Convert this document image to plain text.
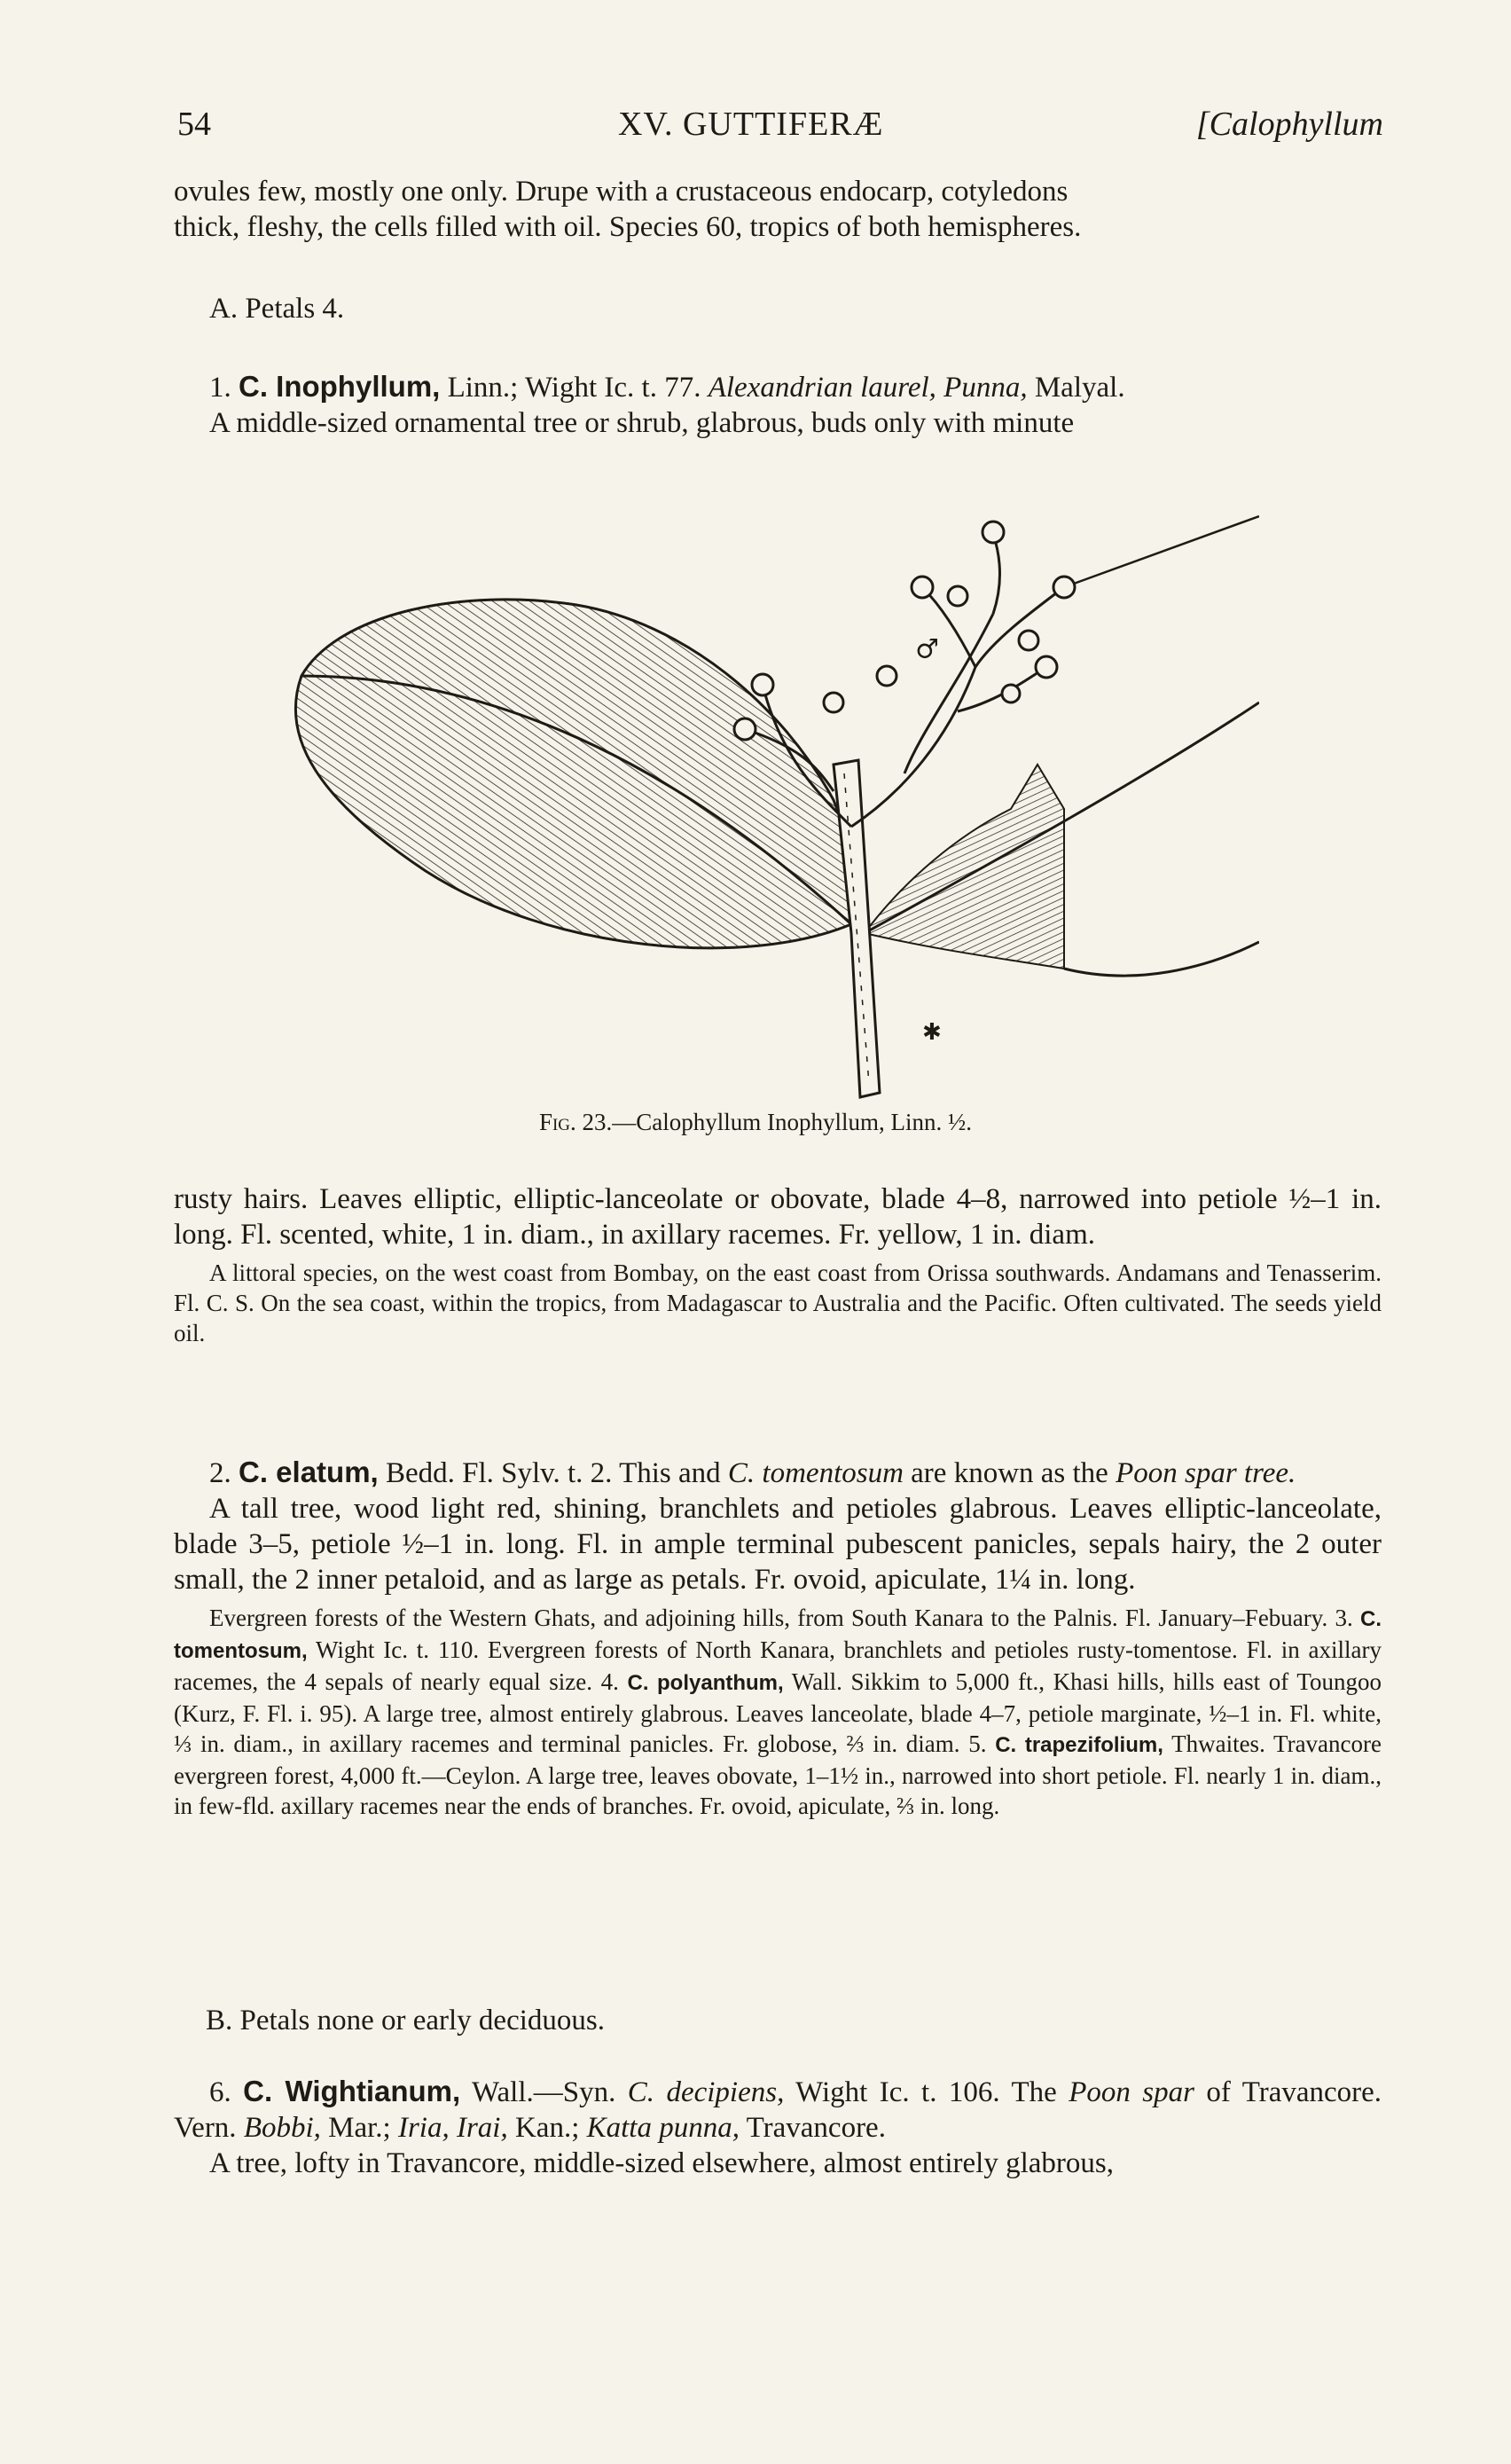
54	XV. GUTTIFERÆ	[Calophyllum

ovules few, mostly one only. Drupe with a crustaceous endocarp, cotyledons

thick, fleshy, the cells filled with oil. Species 60, tropics of both hemispheres.

A. Petals 4.

1. C. Inophyllum, Linn.; Wight Ic. t. 77. Alexandrian laurel, Punna, Malyal.

A middle-sized ornamental tree or shrub, glabrous, buds only with minute

♂
✱
Fig. 23.—Calophyllum Inophyllum, Linn. ½.

rusty hairs. Leaves elliptic, elliptic-lanceolate or obovate, blade 4–8, narrowed into petiole ½–1 in. long. Fl. scented, white, 1 in. diam., in axillary racemes. Fr. yellow, 1 in. diam.

A littoral species, on the west coast from Bombay, on the east coast from Orissa southwards. Andamans and Tenasserim. Fl. C. S. On the sea coast, within the tropics, from Madagascar to Australia and the Pacific. Often cultivated. The seeds yield oil.

2. C. elatum, Bedd. Fl. Sylv. t. 2. This and C. tomentosum are known as the Poon spar tree.

A tall tree, wood light red, shining, branchlets and petioles glabrous. Leaves elliptic-lanceolate, blade 3–5, petiole ½–1 in. long. Fl. in ample terminal pubescent panicles, sepals hairy, the 2 outer small, the 2 inner petaloid, and as large as petals. Fr. ovoid, apiculate, 1¼ in. long.

Evergreen forests of the Western Ghats, and adjoining hills, from South Kanara to the Palnis. Fl. January–Febuary. 3. C. tomentosum, Wight Ic. t. 110. Evergreen forests of North Kanara, branchlets and petioles rusty-tomentose. Fl. in axillary racemes, the 4 sepals of nearly equal size. 4. C. polyanthum, Wall. Sikkim to 5,000 ft., Khasi hills, hills east of Toungoo (Kurz, F. Fl. i. 95). A large tree, almost entirely glabrous. Leaves lanceolate, blade 4–7, petiole marginate, ½–1 in. Fl. white, ⅓ in. diam., in axillary racemes and terminal panicles. Fr. globose, ⅔ in. diam. 5. C. trapezifolium, Thwaites. Travancore evergreen forest, 4,000 ft.—Ceylon. A large tree, leaves obovate, 1–1½ in., narrowed into short petiole. Fl. nearly 1 in. diam., in few-fld. axillary racemes near the ends of branches. Fr. ovoid, apiculate, ⅔ in. long.

B. Petals none or early deciduous.

6. C. Wightianum, Wall.—Syn. C. decipiens, Wight Ic. t. 106. The Poon spar of Travancore. Vern. Bobbi, Mar.; Iria, Irai, Kan.; Katta punna, Travancore.

A tree, lofty in Travancore, middle-sized elsewhere, almost entirely glabrous,
